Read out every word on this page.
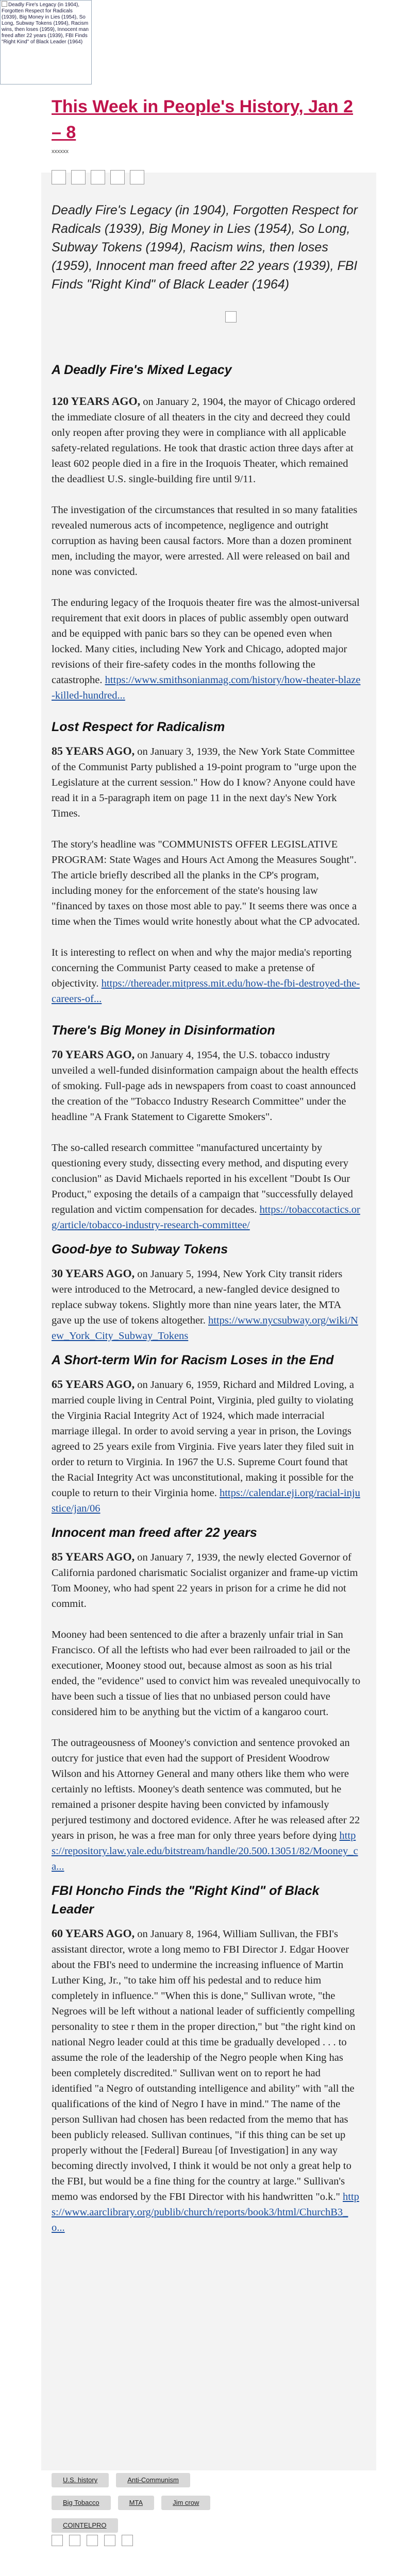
Deadly Fire's Legacy (in 1904), Forgotten Respect for Radicals (1939), Big Money in Lies (1954), So Long, Subway Tokens (1994), Racism wins, then loses (1959), Innocent man freed after 22 years (1939), FBI Finds "Right Kind" of Black Leader (1964)
This Week in People's History, Jan 2 – 8
xxxxxx

Deadly Fire's Legacy (in 1904), Forgotten Respect for Radicals (1939), Big Money in Lies (1954), So Long, Subway Tokens (1994), Racism wins, then loses (1959), Innocent man freed after 22 years (1939), FBI Finds "Right Kind" of Black Leader (1964)

A Deadly Fire's Mixed Legacy

120 YEARS AGO, on January 2, 1904, the mayor of Chicago ordered the immediate closure of all theaters in the city and decreed they could only reopen after proving they were in compliance with all applicable safety-related regulations. He took that drastic action three days after at least 602 people died in a fire in the Iroquois Theater, which remained the deadliest U.S. single-building fire until 9/11.

The investigation of the circumstances that resulted in so many fatalities revealed numerous acts of incompetence, negligence and outright corruption as having been causal factors. More than a dozen prominent men, including the mayor, were arrested. All were released on bail and none was convicted.

The enduring legacy of the Iroquois theater fire was the almost-universal requirement that exit doors in places of public assembly open outward and be equipped with panic bars so they can be opened even when locked. Many cities, including New York and Chicago, adopted major revisions of their fire-safety codes in the months following the catastrophe. https://www.smithsonianmag.com/history/how-theater-blaze-killed-hundred...

Lost Respect for Radicalism

85 YEARS AGO, on January 3, 1939, the New York State Committee of the Communist Party published a 19-point program to "urge upon the Legislature at the current session." How do I know? Anyone could have read it in a 5-paragraph item on page 11 in the next day's New York Times.

The story's headline was "COMMUNISTS OFFER LEGISLATIVE PROGRAM: State Wages and Hours Act Among the Measures Sought". The article briefly described all the planks in the CP's program, including money for the enforcement of the state's housing law "financed by taxes on those most able to pay." It seems there was once a time when the Times would write honestly about what the CP advocated.

It is interesting to reflect on when and why the major media's reporting concerning the Communist Party ceased to make a pretense of objectivity. https://thereader.mitpress.mit.edu/how-the-fbi-destroyed-the-careers-of...

There's Big Money in Disinformation

70 YEARS AGO, on January 4, 1954, the U.S. tobacco industry unveiled a well-funded disinformation campaign about the health effects of smoking. Full-page ads in newspapers from coast to coast announced the creation of the "Tobacco Industry Research Committee" under the headline "A Frank Statement to Cigarette Smokers".

The so-called research committee "manufactured uncertainty by questioning every study, dissecting every method, and disputing every conclusion" as David Michaels reported in his excellent "Doubt Is Our Product," exposing the details of a campaign that "successfully delayed regulation and victim compensation for decades. https://tobaccotactics.org/article/tobacco-industry-research-committee/

Good-bye to Subway Tokens

30 YEARS AGO, on January 5, 1994, New York City transit riders were introduced to the Metrocard, a new-fangled device designed to replace subway tokens. Slightly more than nine years later, the MTA gave up the use of tokens altogether. https://www.nycsubway.org/wiki/New_York_City_Subway_Tokens

A Short-term Win for Racism Loses in the End

65 YEARS AGO, on January 6, 1959, Richard and Mildred Loving, a married couple living in Central Point, Virginia, pled guilty to violating the Virginia Racial Integrity Act of 1924, which made interracial marriage illegal. In order to avoid serving a year in prison, the Lovings agreed to 25 years exile from Virginia. Five years later they filed suit in order to return to Virginia. In 1967 the U.S. Supreme Court found that the Racial Integrity Act was unconstitutional, making it possible for the couple to return to their Virginia home. https://calendar.eji.org/racial-injustice/jan/06

Innocent man freed after 22 years

85 YEARS AGO, on January 7, 1939, the newly elected Governor of California pardoned charismatic Socialist organizer and frame-up victim Tom Mooney, who had spent 22 years in prison for a crime he did not commit.

Mooney had been sentenced to die after a brazenly unfair trial in San Francisco. Of all the leftists who had ever been railroaded to jail or the executioner, Mooney stood out, because almost as soon as his trial ended, the "evidence" used to convict him was revealed unequivocally to have been such a tissue of lies that no unbiased person could have considered him to be anything but the victim of a kangaroo court.

The outrageousness of Mooney's conviction and sentence provoked an outcry for justice that even had the support of President Woodrow Wilson and his Attorney General and many others like them who were certainly no leftists. Mooney's death sentence was commuted, but he remained a prisoner despite having been convicted by infamously perjured testimony and doctored evidence. After he was released after 22 years in prison, he was a free man for only three years before dying https://repository.law.yale.edu/bitstream/handle/20.500.13051/82/Mooney_ca...

FBI Honcho Finds the "Right Kind" of Black Leader

60 YEARS AGO, on January 8, 1964, William Sullivan, the FBI's assistant director, wrote a long memo to FBI Director J. Edgar Hoover about the FBI's need to undermine the increasing influence of Martin Luther King, Jr., "to take him off his pedestal and to reduce him completely in influence." "When this is done," Sullivan wrote, "the Negroes will be left without a national leader of sufficiently compelling personality to stee r them in the proper direction," but "the right kind on national Negro leader could at this time be gradually developed . . . to assume the role of the leadership of the Negro people when King has been completely discredited." Sullivan went on to report he had identified "a Negro of outstanding intelligence and ability" with "all the qualifications of the kind of Negro I have in mind." The name of the person Sullivan had chosen has been redacted from the memo that has been publicly released. Sullivan continues, "if this thing can be set up properly without the [Federal] Bureau [of Investigation] in any way becoming directly involved, I think it would be not only a great help to the FBI, but would be a fine thing for the country at large." Sullivan's memo was endorsed by the FBI Director with his handwritten "o.k." https://www.aarclibrary.org/publib/church/reports/book3/html/ChurchB3_o...

U.S. history	Anti-Communism
Big Tobacco	MTA	Jim crow
COINTELPRO
